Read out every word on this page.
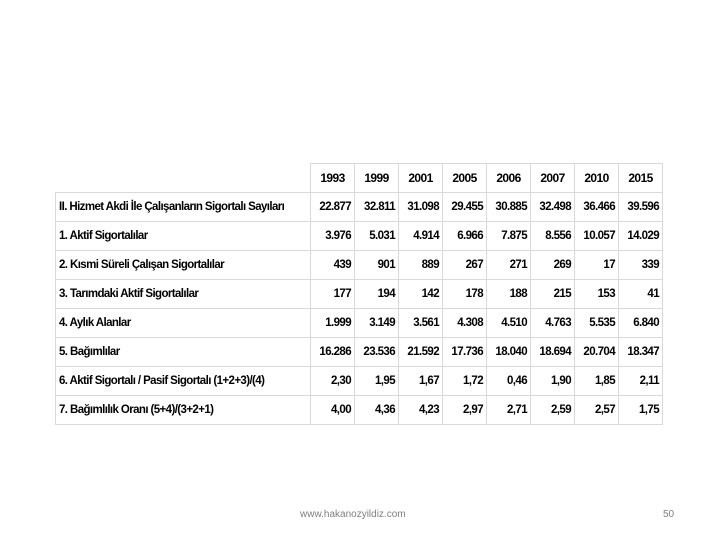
	1993	1999	2001	2005	2006	2007	2010	2015
II. Hizmet Akdi İle Çalışanların Sigortalı Sayıları	22.877	32.811	31.098	29.455	30.885	32.498	36.466	39.596
1. Aktif Sigortalılar	3.976	5.031	4.914	6.966	7.875	8.556	10.057	14.029
2. Kısmi Süreli Çalışan Sigortalılar	439	901	889	267	271	269	17	339
3. Tarımdaki Aktif Sigortalılar	177	194	142	178	188	215	153	41
4. Aylık Alanlar	1.999	3.149	3.561	4.308	4.510	4.763	5.535	6.840
5. Bağımlılar	16.286	23.536	21.592	17.736	18.040	18.694	20.704	18.347
6. Aktif Sigortalı / Pasif Sigortalı (1+2+3)/(4)	2,30	1,95	1,67	1,72	0,46	1,90	1,85	2,11
7. Bağımlılık Oranı (5+4)/(3+2+1)	4,00	4,36	4,23	2,97	2,71	2,59	2,57	1,75
www.hakanozyildiz.com	50
